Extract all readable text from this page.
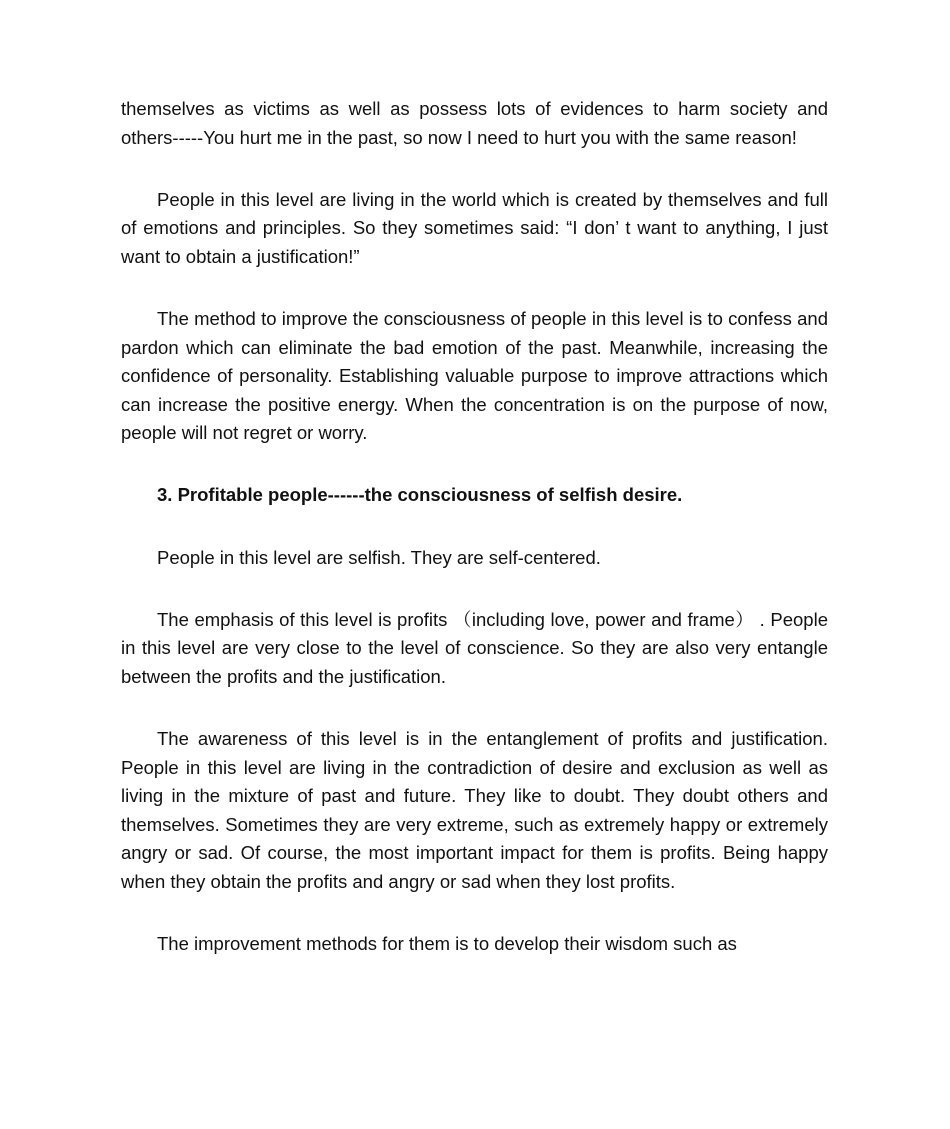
themselves as victims as well as possess lots of evidences to harm society and others-----You hurt me in the past, so now I need to hurt you with the same reason!

People in this level are living in the world which is created by themselves and full of emotions and principles. So they sometimes said: “I don’ t want to anything, I just want to obtain a justification!”

The method to improve the consciousness of people in this level is to confess and pardon which can eliminate the bad emotion of the past. Meanwhile, increasing the confidence of personality. Establishing valuable purpose to improve attractions which can increase the positive energy. When the concentration is on the purpose of now, people will not regret or worry.

3. Profitable people------the consciousness of selfish desire.

People in this level are selfish. They are self-centered.

The emphasis of this level is profits （including love, power and frame） . People in this level are very close to the level of conscience. So they are also very entangle between the profits and the justification.

The awareness of this level is in the entanglement of profits and justification. People in this level are living in the contradiction of desire and exclusion as well as living in the mixture of past and future. They like to doubt. They doubt others and themselves. Sometimes they are very extreme, such as extremely happy or extremely angry or sad. Of course, the most important impact for them is profits. Being happy when they obtain the profits and angry or sad when they lost profits.

The improvement methods for them is to develop their wisdom such as
